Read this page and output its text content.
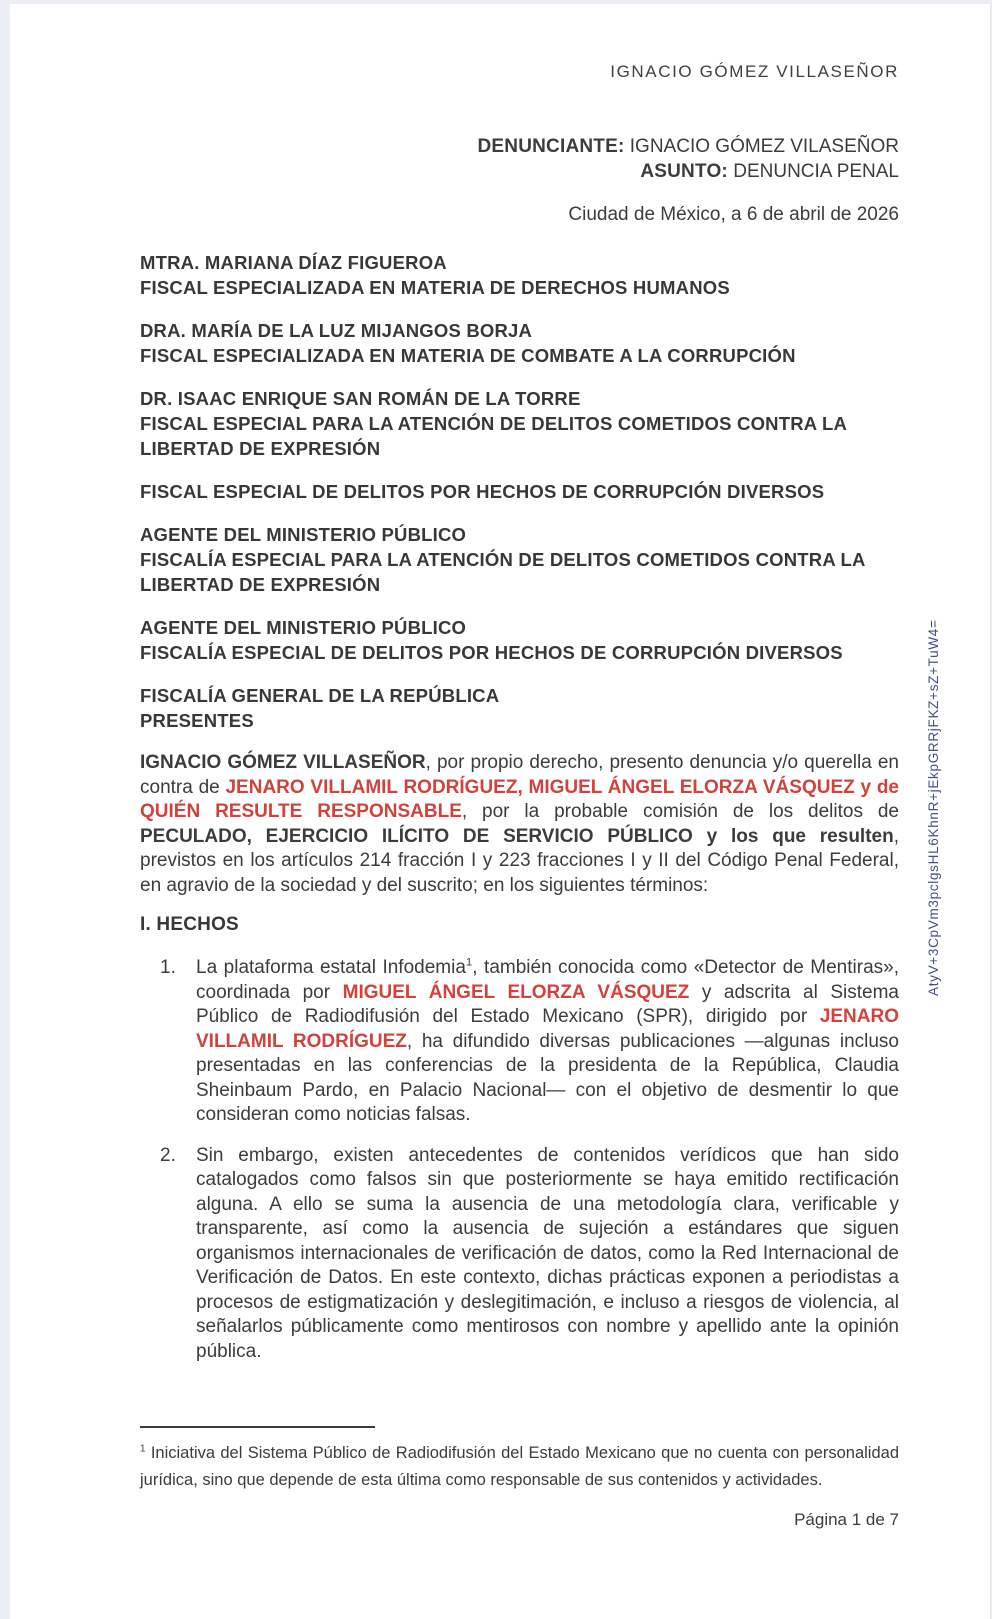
AtyV+3CpVm3pclgsHL6KhnR+jEkpGRRjFKZ+sZ+TuW4=
IGNACIO GÓMEZ VILLASEÑOR
DENUNCIANTE: IGNACIO GÓMEZ VILASEÑOR
ASUNTO: DENUNCIA PENAL
Ciudad de México, a 6 de abril de 2026
MTRA. MARIANA DÍAZ FIGUEROA
FISCAL ESPECIALIZADA EN MATERIA DE DERECHOS HUMANOS
DRA. MARÍA DE LA LUZ MIJANGOS BORJA
FISCAL ESPECIALIZADA EN MATERIA DE COMBATE A LA CORRUPCIÓN
DR. ISAAC ENRIQUE SAN ROMÁN DE LA TORRE
FISCAL ESPECIAL PARA LA ATENCIÓN DE DELITOS COMETIDOS CONTRA LA LIBERTAD DE EXPRESIÓN
FISCAL ESPECIAL DE DELITOS POR HECHOS DE CORRUPCIÓN DIVERSOS
AGENTE DEL MINISTERIO PÚBLICO
FISCALÍA ESPECIAL PARA LA ATENCIÓN DE DELITOS COMETIDOS CONTRA LA LIBERTAD DE EXPRESIÓN
AGENTE DEL MINISTERIO PÚBLICO
FISCALÍA ESPECIAL DE DELITOS POR HECHOS DE CORRUPCIÓN DIVERSOS
FISCALÍA GENERAL DE LA REPÚBLICA
PRESENTES
IGNACIO GÓMEZ VILLASEÑOR, por propio derecho, presento denuncia y/o querella en contra de JENARO VILLAMIL RODRÍGUEZ, MIGUEL ÁNGEL ELORZA VÁSQUEZ y de QUIÉN RESULTE RESPONSABLE, por la probable comisión de los delitos de PECULADO, EJERCICIO ILÍCITO DE SERVICIO PÚBLICO y los que resulten, previstos en los artículos 214 fracción I y 223 fracciones I y II del Código Penal Federal, en agravio de la sociedad y del suscrito; en los siguientes términos:
I. HECHOS
1.	La plataforma estatal Infodemia$^1$, también conocida como «Detector de Mentiras», coordinada por MIGUEL ÁNGEL ELORZA VÁSQUEZ y adscrita al Sistema Público de Radiodifusión del Estado Mexicano (SPR), dirigido por JENARO VILLAMIL RODRÍGUEZ, ha difundido diversas publicaciones —algunas incluso presentadas en las conferencias de la presidenta de la República, Claudia Sheinbaum Pardo, en Palacio Nacional— con el objetivo de desmentir lo que consideran como noticias falsas.
2.	Sin embargo, existen antecedentes de contenidos verídicos que han sido catalogados como falsos sin que posteriormente se haya emitido rectificación alguna. A ello se suma la ausencia de una metodología clara, verificable y transparente, así como la ausencia de sujeción a estándares que siguen organismos internacionales de verificación de datos, como la Red Internacional de Verificación de Datos. En este contexto, dichas prácticas exponen a periodistas a procesos de estigmatización y deslegitimación, e incluso a riesgos de violencia, al señalarlos públicamente como mentirosos con nombre y apellido ante la opinión pública.
$^1$ Iniciativa del Sistema Público de Radiodifusión del Estado Mexicano que no cuenta con personalidad jurídica, sino que depende de esta última como responsable de sus contenidos y actividades.
Página 1 de 7
